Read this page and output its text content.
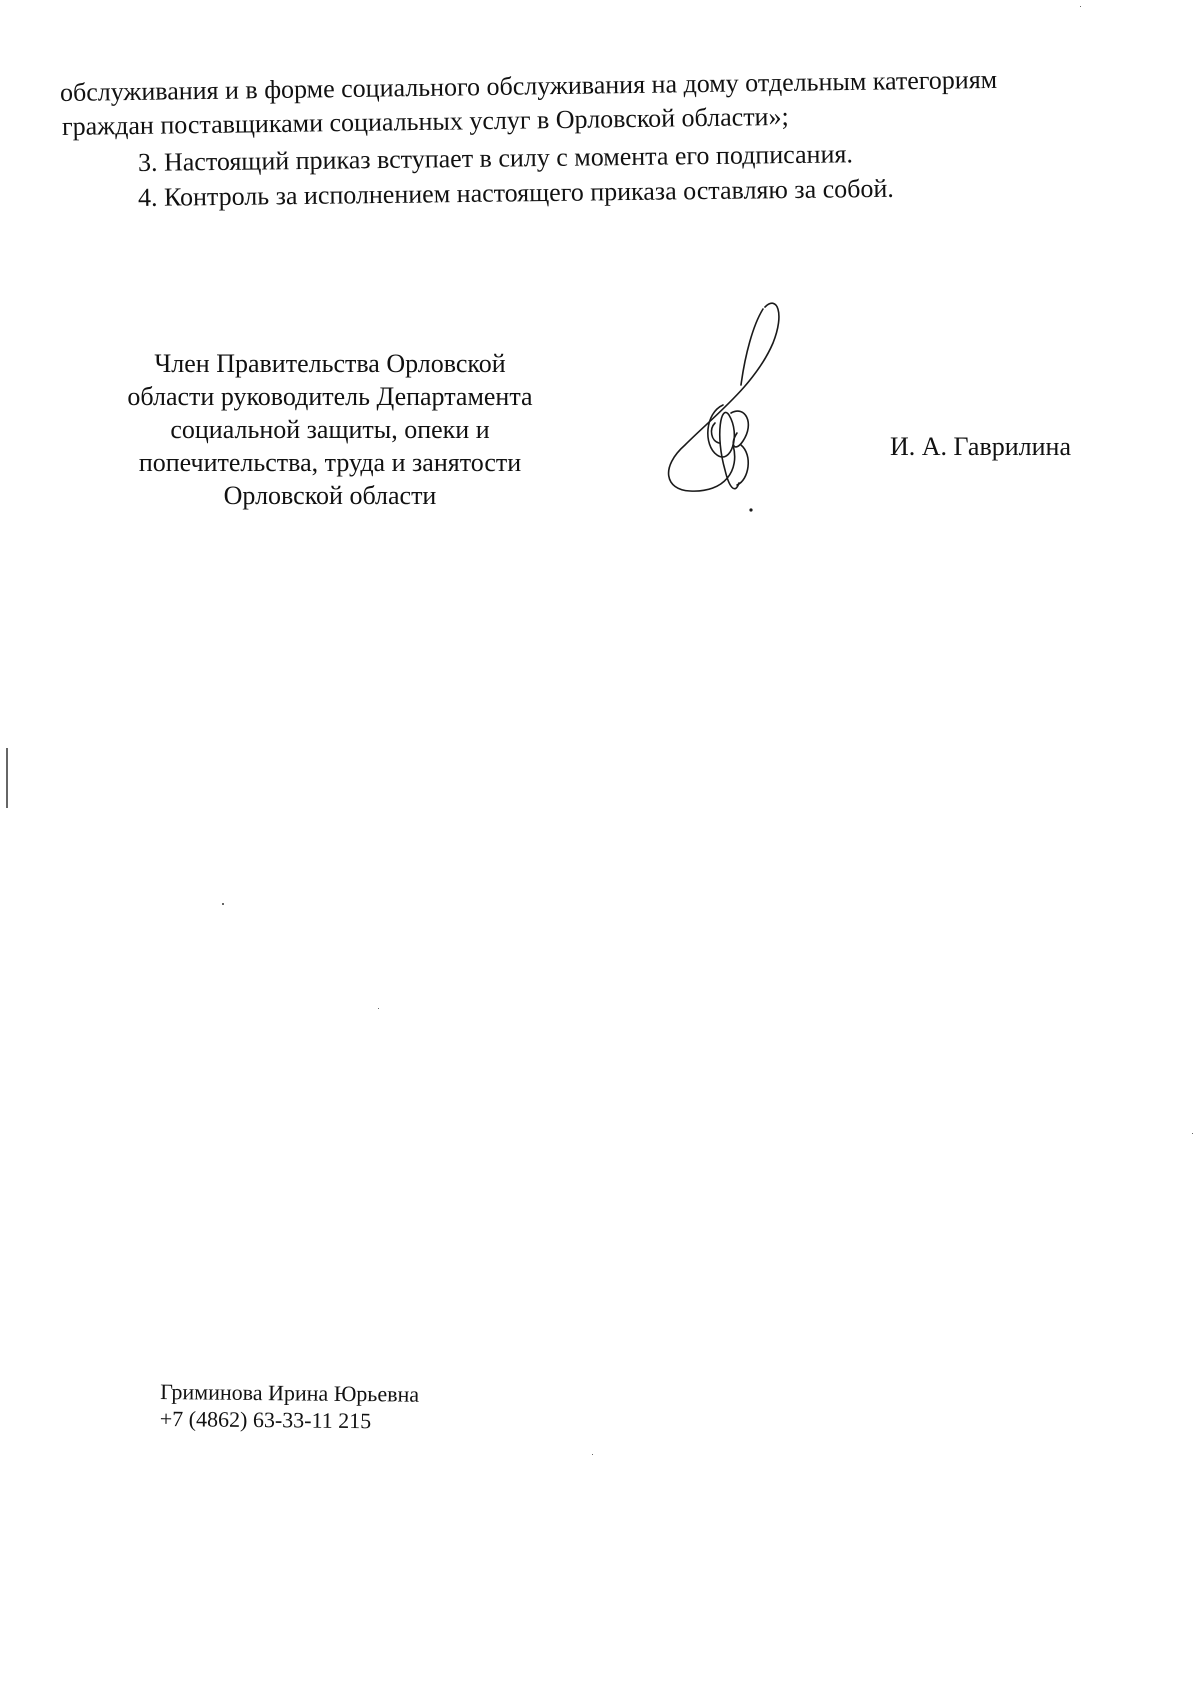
обслуживания и в форме социального обслуживания на дому отдельным категориям
граждан поставщиками социальных услуг в Орловской области»;
3. Настоящий приказ вступает в силу с момента его подписания.
4. Контроль за исполнением настоящего приказа оставляю за собой.
Член Правительства Орловской
области руководитель Департамента
социальной защиты, опеки и
попечительства, труда и занятости
Орловской области
И. А. Гаврилина
Гриминова Ирина Юрьевна
+7 (4862) 63-33-11 215
